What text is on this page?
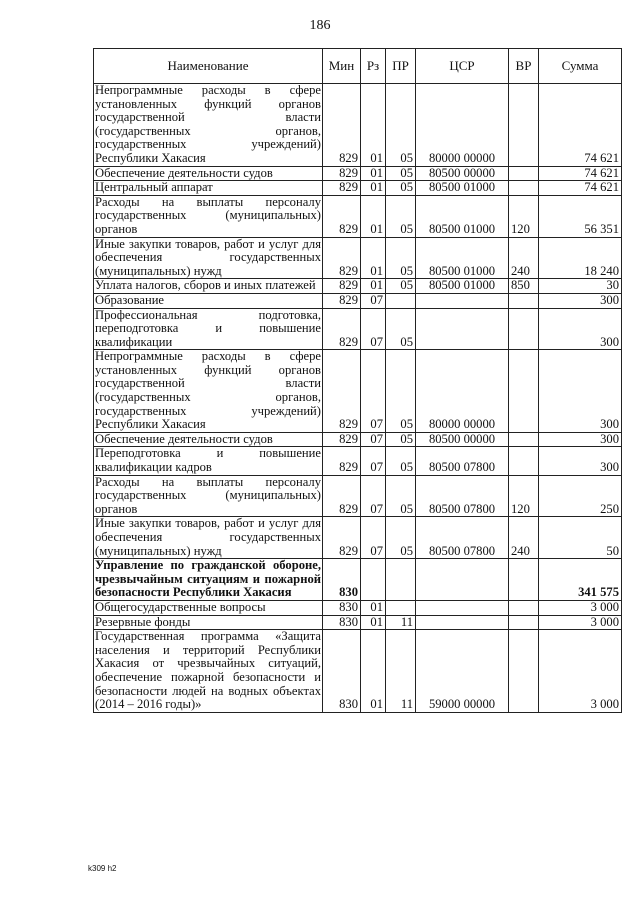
186
Наименование	Мин	Рз	ПР	ЦСР	ВР	Сумма
Непрограммные расходы в сфере установленных функций органов государственной власти (государственных органов, государственных учреждений) Республики Хакасия	829	01	05	80000 00000		74 621
Обеспечение деятельности судов	829	01	05	80500 00000		74 621
Центральный аппарат	829	01	05	80500 01000		74 621
Расходы на выплаты персоналу государственных (муниципальных) органов	829	01	05	80500 01000	120	56 351
Иные закупки товаров, работ и услуг для обеспечения государственных (муниципальных) нужд	829	01	05	80500 01000	240	18 240
Уплата налогов, сборов и иных платежей	829	01	05	80500 01000	850	30
Образование	829	07				300
Профессиональная подготовка, переподготовка и повышение квалификации	829	07	05			300
Непрограммные расходы в сфере установленных функций органов государственной власти (государственных органов, государственных учреждений) Республики Хакасия	829	07	05	80000 00000		300
Обеспечение деятельности судов	829	07	05	80500 00000		300
Переподготовка и повышение квалификации кадров	829	07	05	80500 07800		300
Расходы на выплаты персоналу государственных (муниципальных) органов	829	07	05	80500 07800	120	250
Иные закупки товаров, работ и услуг для обеспечения государственных (муниципальных) нужд	829	07	05	80500 07800	240	50
Управление по гражданской обороне, чрезвычайным ситуациям и пожарной безопасности Республики Хакасия	830					341 575
Общегосударственные вопросы	830	01				3 000
Резервные фонды	830	01	11			3 000
Государственная программа «Защита населения и территорий Республики Хакасия от чрезвычайных ситуаций, обеспечение пожарной безопасности и безопасности людей на водных объектах (2014 – 2016 годы)»	830	01	11	59000 00000		3 000
k309 h2
